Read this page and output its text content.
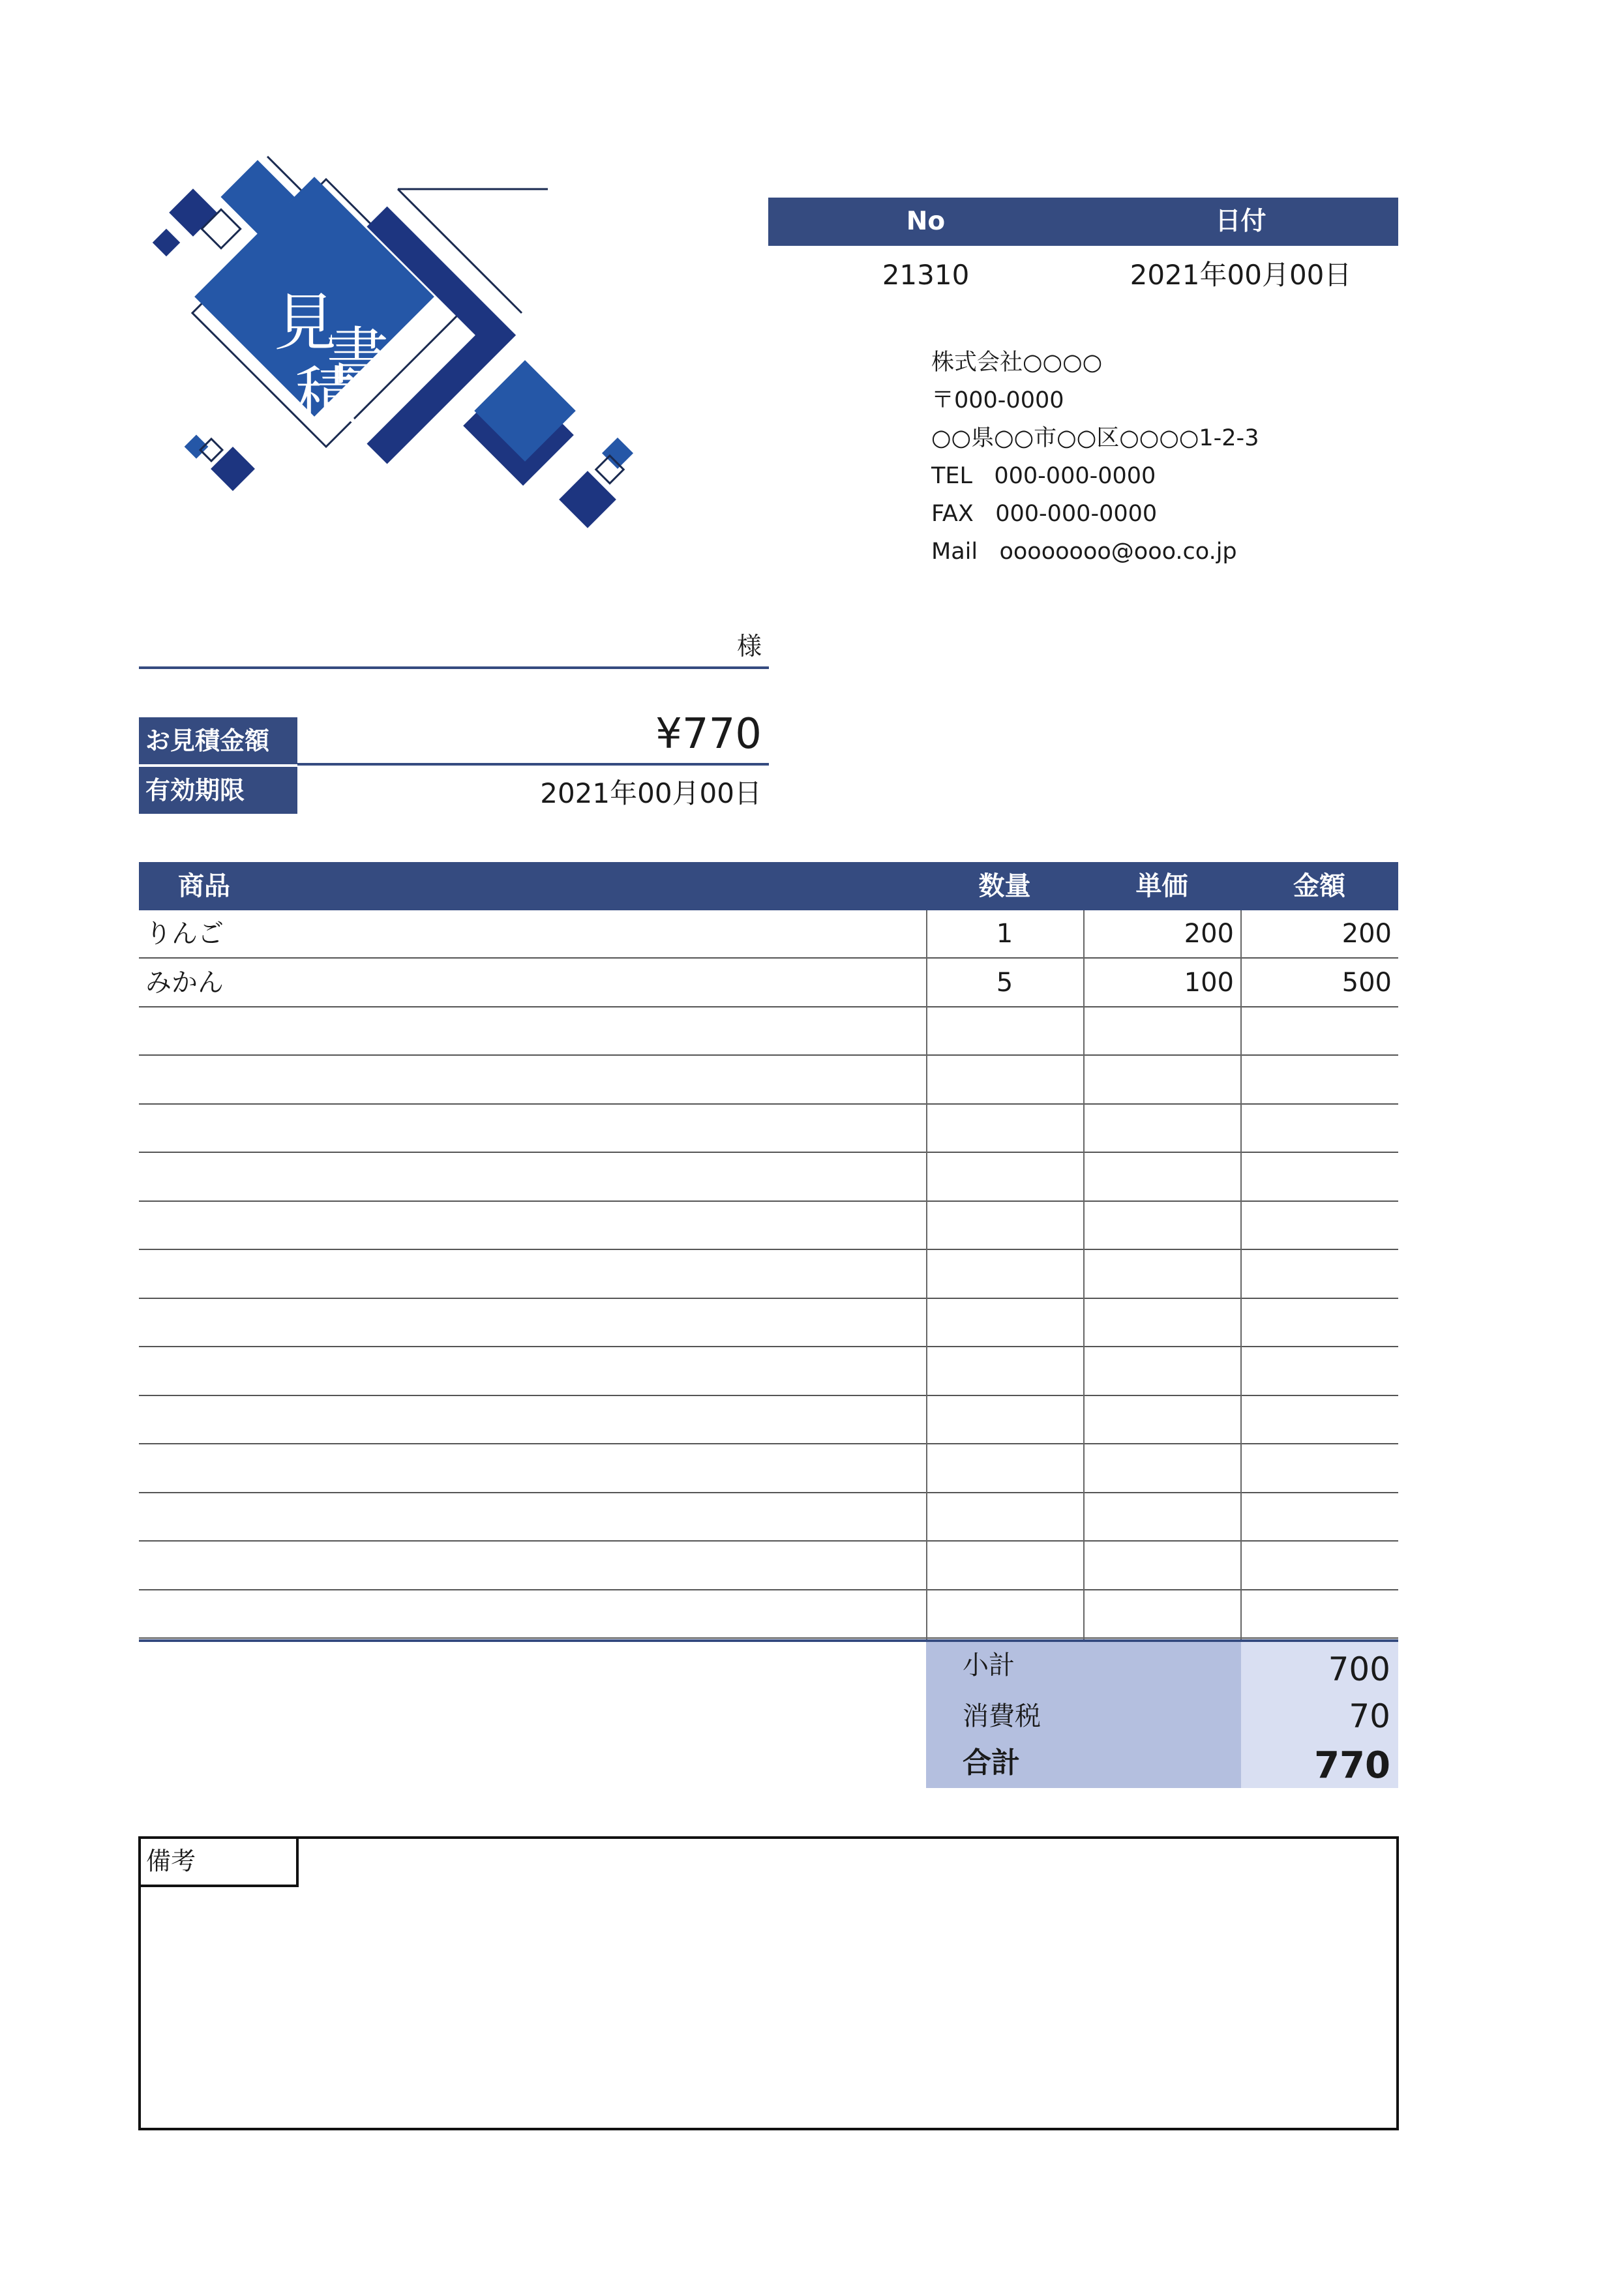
見
書
積
No	日付
21310	2021年00月00日
株式会社○○○○
〒000-0000
○○県○○市○○区○○○○1-2-3
TEL   000-000-0000
FAX   000-000-0000
Mail   oooooooo@ooo.co.jp
様
お見積金額	¥770
有効期限	2021年00月00日
商品	数量	単価	金額
りんご	1	200	200
みかん	5	100	500
小計	700
消費税	70
合計	770
備考
